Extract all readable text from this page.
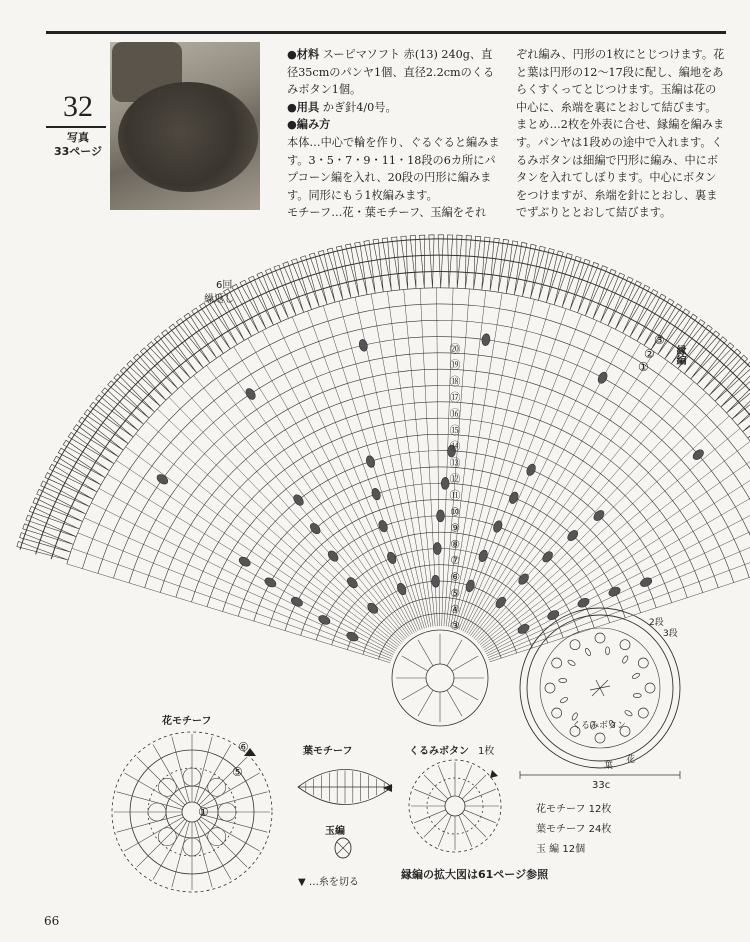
32
写真
33ページ

●材料 スーピマソフト 赤(13) 240g、直径35cmのパンヤ1個、直径2.2cmのくるみボタン1個。

●用具 かぎ針4/0号。

●編み方

本体…中心で輪を作り、ぐるぐると編みます。3・5・7・9・11・18段の6カ所にパプコーン編を入れ、20段の円形に編みます。同形にもう1枚編みます。

モチーフ…花・葉モチーフ、玉編をそれ

ぞれ編み、円形の1枚にとじつけます。花と葉は円形の12〜17段に配し、編地をあらくすくってとじつけます。玉編は花の中心に、糸端を裏にとおして結びます。まとめ…2枚を外表に合せ、縁編を編みます。パンヤは1段めの途中で入れます。くるみボタンは細編で円形に編み、中にボタンを入れてしぼります。中心にボタンをつけますが、糸端を針にとおし、裏までずぶりととおして結びます。

③
④
⑤
⑥
⑦
⑧
⑨
⑩
⑪
⑫
⑬
⑭
⑮
⑯
⑰
⑱
⑲
⑳
6回
繰返し
縁編
③
②
①
花モチーフ
⑥
⑤
①
葉モチーフ
玉編
▼ …糸を切る
くるみボタン 1枚
縁編の拡大図は61ページ参照
2段
3段
くるみボタン
花
葉
33c
花モチーフ 12枚
葉モチーフ 24枚
玉 編 12個
66
